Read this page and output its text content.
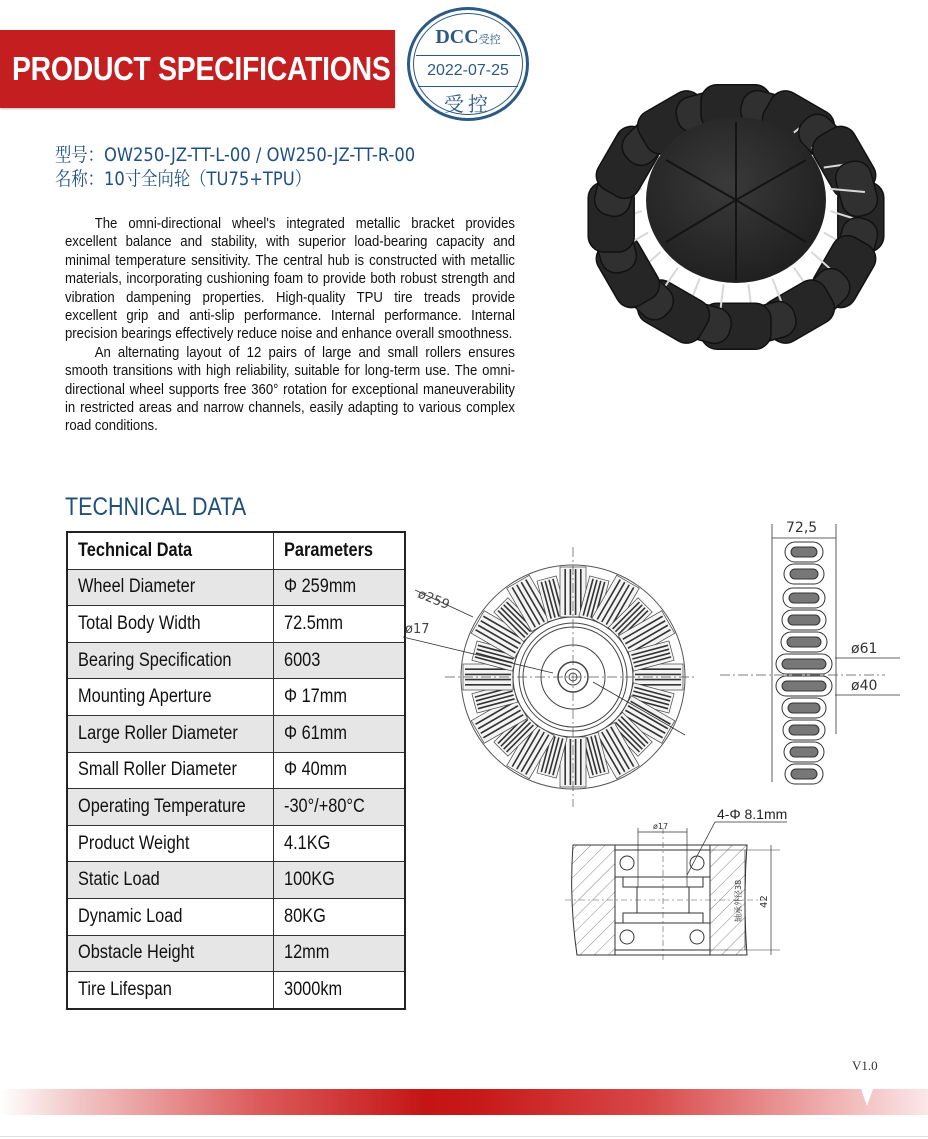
PRODUCT SPECIFICATIONS
DCC受控
2022-07-25
受控
型号：OW250-JZ-TT-L-00 / OW250-JZ-TT-R-00
名称：10寸全向轮（TU75+TPU）

The omni-directional wheel's integrated metallic bracket provides excellent balance and stability, with superior load-bearing capacity and minimal temperature sensitivity. The central hub is constructed with metallic materials, incorporating cushioning foam to provide both robust strength and vibration dampening properties. High-quality TPU tire treads provide excellent grip and anti-slip performance. Internal performance. Internal precision bearings effectively reduce noise and enhance overall smoothness.

An alternating layout of 12 pairs of large and small rollers ensures smooth transitions with high reliability, suitable for long-term use. The omni-directional wheel supports free 360° rotation for exceptional maneuverability in restricted areas and narrow channels, easily adapting to various complex road conditions.

TECHNICAL DATA
Technical Data	Parameters
Wheel Diameter	Φ 259mm
Total Body Width	72.5mm
Bearing Specification	6003
Mounting Aperture	Φ 17mm
Large Roller Diameter	Φ 61mm
Small Roller Diameter	Φ 40mm
Operating Temperature	-30°/+80°C
Product Weight	4.1KG
Static Load	100KG
Dynamic Load	80KG
Obstacle Height	12mm
Tire Lifespan	3000km
ø259
ø17
72,5
ø61
ø40
ø17
4-Φ 8.1mm
轴承外径38 42
V1.0
